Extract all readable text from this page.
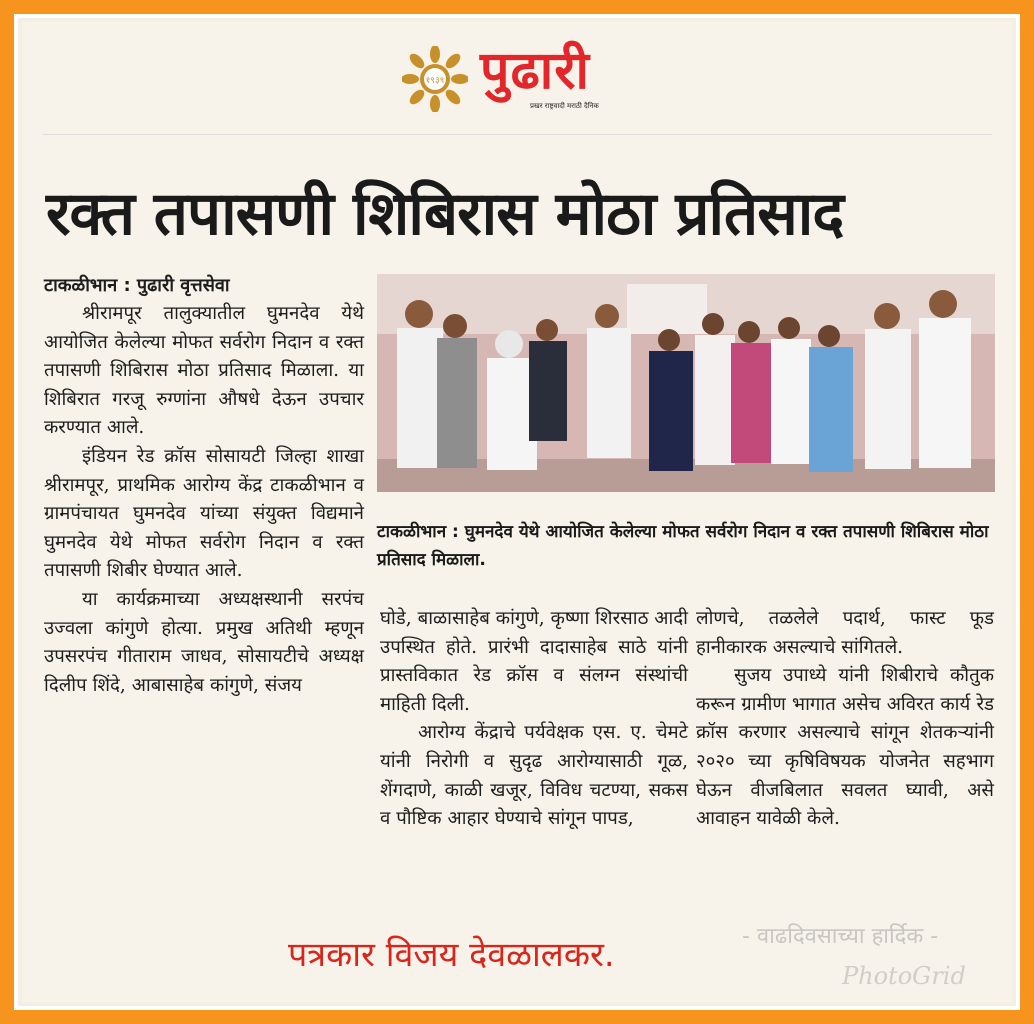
१९३९ पुढारी
प्रखर राष्ट्रवादी मराठी दैनिक
रक्त तपासणी शिबिरास मोठा प्रतिसाद
टाकळीभान : पुढारी वृत्तसेवा

श्रीरामपूर तालुक्यातील घुमनदेव येथे आयोजित केलेल्या मोफत सर्वरोग निदान व रक्त तपासणी शिबिरास मोठा प्रतिसाद मिळाला. या शिबिरात गरजू रुग्णांना औषधे देऊन उपचार करण्यात आले.

इंडियन रेड क्रॉस सोसायटी जिल्हा शाखा श्रीरामपूर, प्राथमिक आरोग्य केंद्र टाकळीभान व ग्रामपंचायत घुमनदेव यांच्या संयुक्त विद्यमाने घुमनदेव येथे मोफत सर्वरोग निदान व रक्त तपासणी शिबीर घेण्यात आले.

या कार्यक्रमाच्या अध्यक्षस्थानी सरपंच उज्वला कांगुणे होत्या. प्रमुख अतिथी म्हणून उपसरपंच गीताराम जाधव, सोसायटीचे अध्यक्ष दिलीप शिंदे, आबासाहेब कांगुणे, संजय

टाकळीभान : घुमनदेव येथे आयोजित केलेल्या मोफत सर्वरोग निदान व रक्त तपासणी शिबिरास मोठा प्रतिसाद मिळाला.

घोडे, बाळासाहेब कांगुणे, कृष्णा शिरसाठ आदी उपस्थित होते. प्रारंभी दादासाहेब साठे यांनी प्रास्तविकात रेड क्रॉस व संलग्न संस्थांची माहिती दिली.

आरोग्य केंद्राचे पर्यवेक्षक एस. ए. चेमटे यांनी निरोगी व सुदृढ आरोग्यासाठी गूळ, शेंगदाणे, काळी खजूर, विविध चटण्या, सकस व पौष्टिक आहार घेण्याचे सांगून पापड,

लोणचे, तळलेले पदार्थ, फास्ट फूड हानीकारक असल्याचे सांगितले.

सुजय उपाध्ये यांनी शिबीराचे कौतुक करून ग्रामीण भागात असेच अविरत कार्य रेड क्रॉस करणार असल्याचे सांगून शेतकऱ्यांनी २०२० च्या कृषिविषयक योजनेत सहभाग घेऊन वीजबिलात सवलत घ्यावी, असे आवाहन यावेळी केले.

- वाढदिवसाच्या हार्दिक -
PhotoGrid
पत्रकार विजय देवळालकर.
